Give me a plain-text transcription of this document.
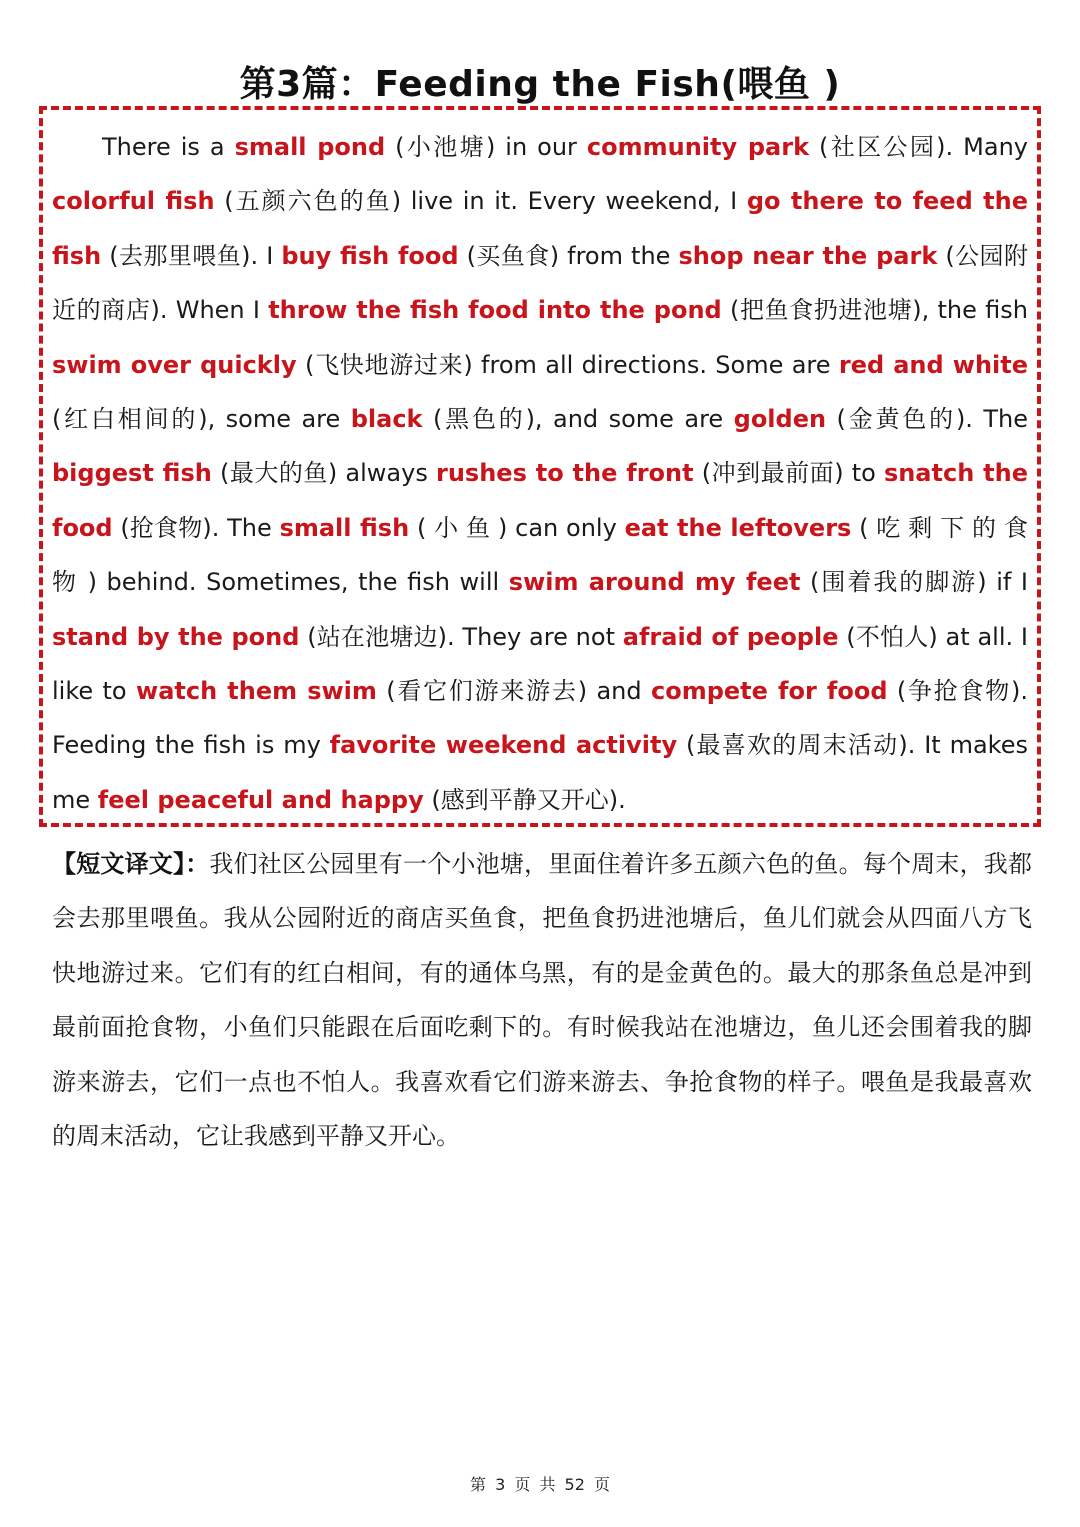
第3篇：Feeding the Fish(喂鱼 )

There is a small pond (小池塘) in our community park (社区公园). Many colorful fish (五颜六色的鱼) live in it. Every weekend, I go there to feed the fish (去那里喂鱼). I buy fish food (买鱼食) from the shop near the park (公园附近的商店). When I throw the fish food into the pond (把鱼食扔进池塘), the fish swim over quickly (飞快地游过来) from all directions. Some are red and white (红白相间的), some are black (黑色的), and some are golden (金黄色的). The biggest fish (最大的鱼) always rushes to the front (冲到最前面) to snatch the food (抢食物). The small fish ( 小 鱼 ) can only eat the leftovers ( 吃 剩 下 的 食 物 ) behind. Sometimes, the fish will swim around my feet (围着我的脚游) if I stand by the pond (站在池塘边). They are not afraid of people (不怕人) at all. I like to watch them swim (看它们游来游去) and compete for food (争抢食物). Feeding the fish is my favorite weekend activity (最喜欢的周末活动). It makes me feel peaceful and happy (感到平静又开心).

【短文译文】：我们社区公园里有一个小池塘，里面住着许多五颜六色的鱼。每个周末，我都会去那里喂鱼。我从公园附近的商店买鱼食，把鱼食扔进池塘后，鱼儿们就会从四面八方飞快地游过来。它们有的红白相间，有的通体乌黑，有的是金黄色的。最大的那条鱼总是冲到最前面抢食物，小鱼们只能跟在后面吃剩下的。有时候我站在池塘边，鱼儿还会围着我的脚游来游去，它们一点也不怕人。我喜欢看它们游来游去、争抢食物的样子。喂鱼是我最喜欢的周末活动，它让我感到平静又开心。

第 3 页 共 52 页
